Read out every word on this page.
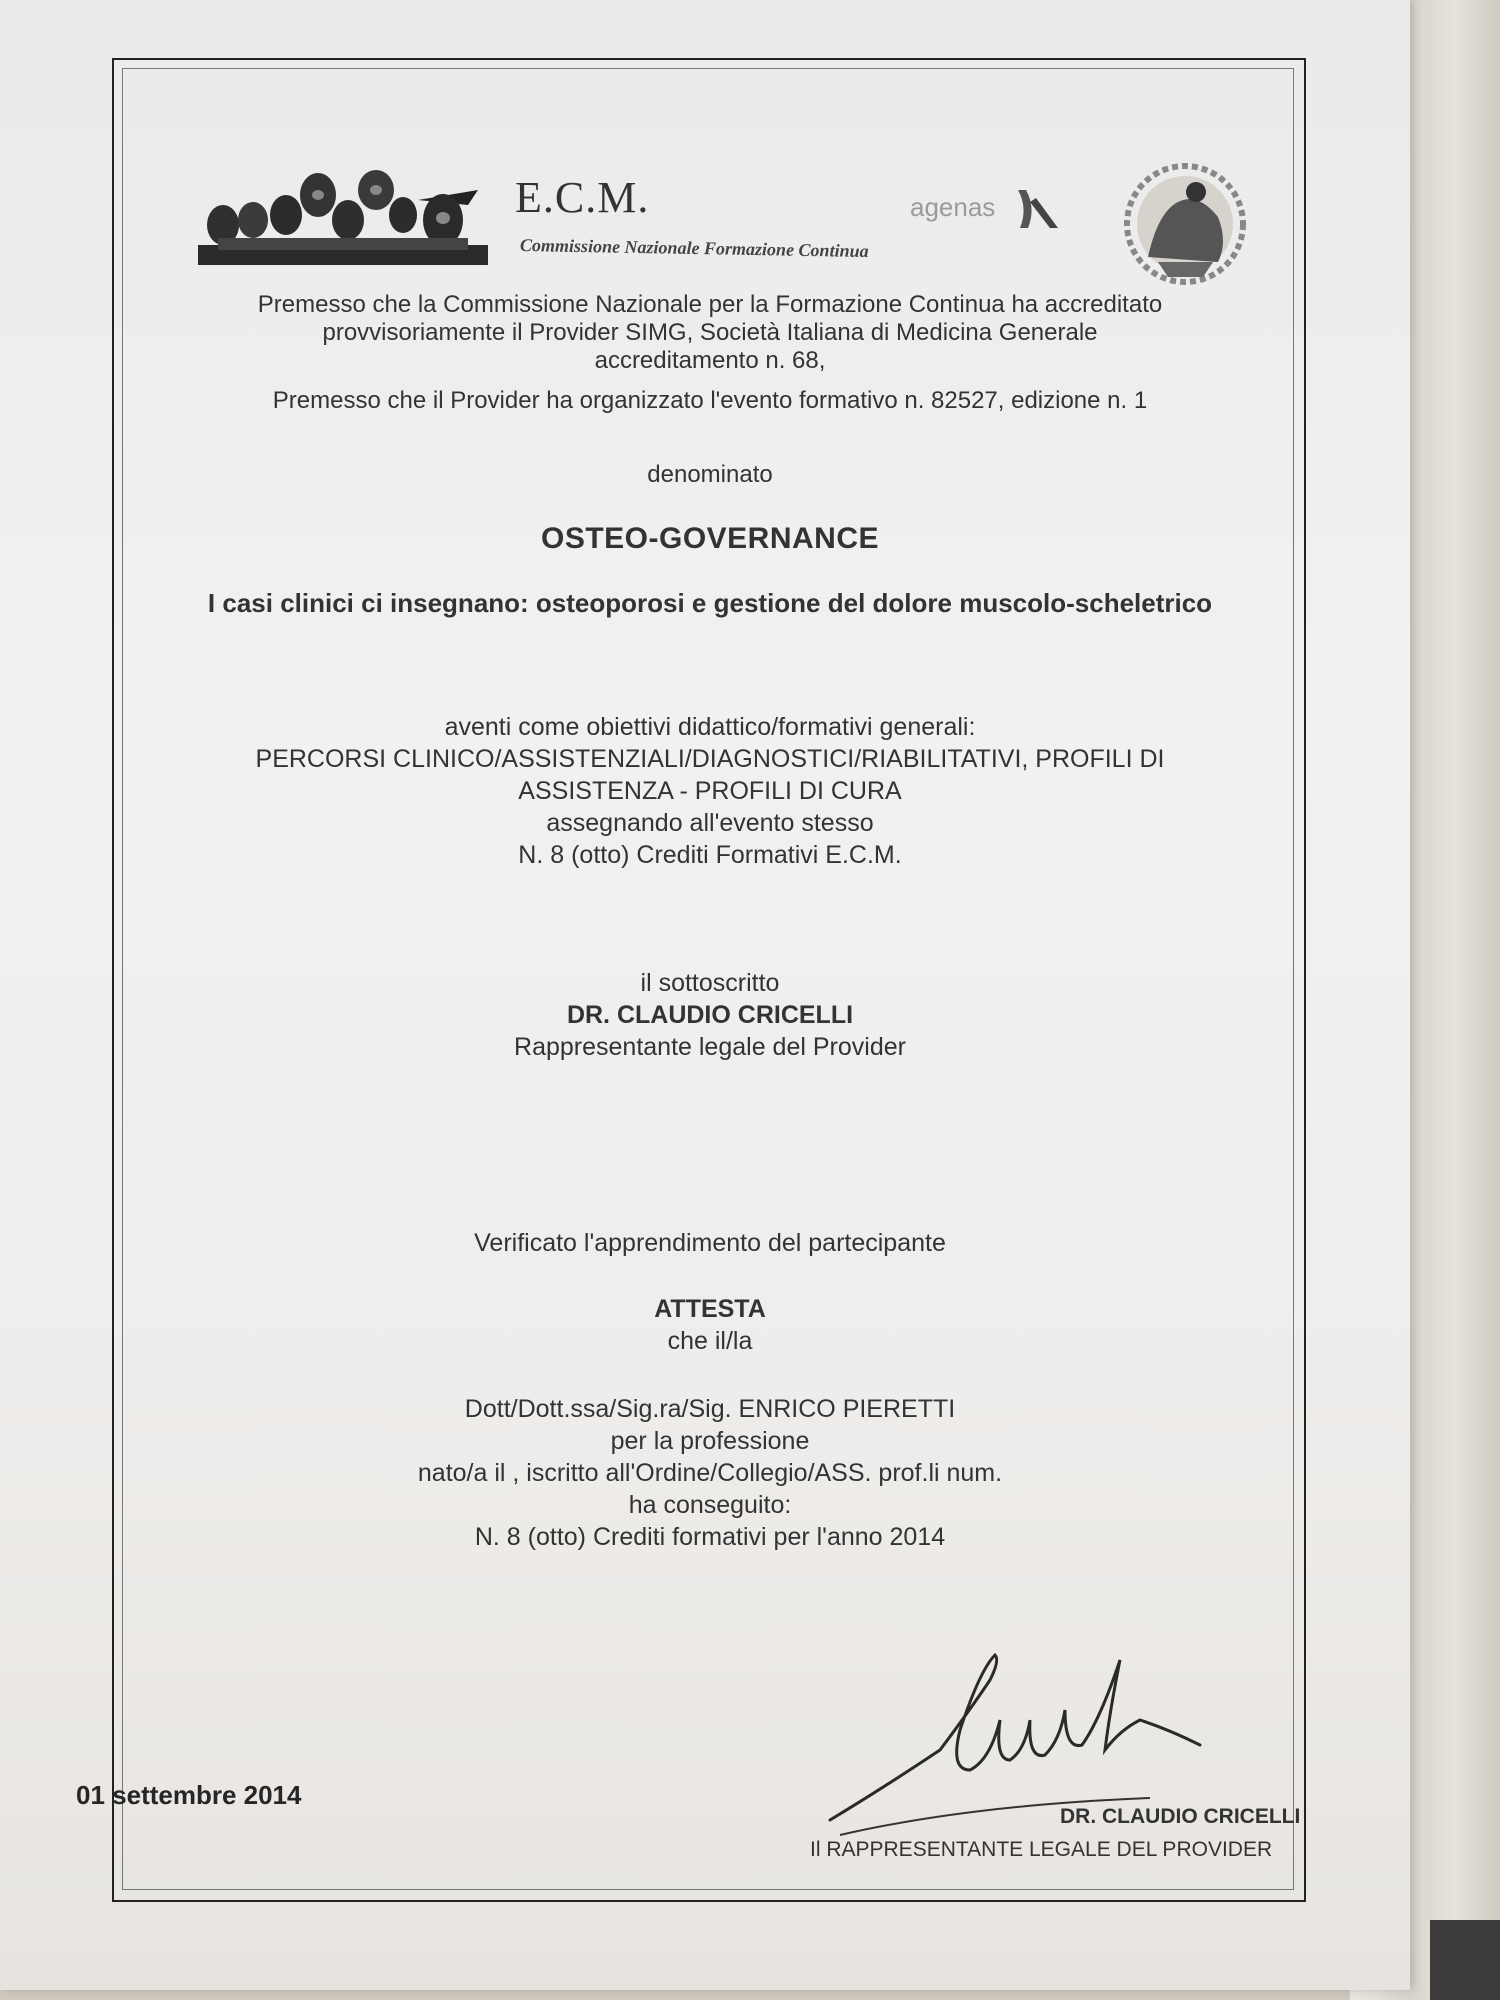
E.C.M.
Commissione Nazionale Formazione Continua
agenas

Premesso che la Commissione Nazionale per la Formazione Continua ha accreditato

provvisoriamente il Provider SIMG, Società Italiana di Medicina Generale

accreditamento n. 68,

Premesso che il Provider ha organizzato l'evento formativo n. 82527, edizione n. 1

denominato

OSTEO-GOVERNANCE

I casi clinici ci insegnano: osteoporosi e gestione del dolore muscolo-scheletrico

aventi come obiettivi didattico/formativi generali:

PERCORSI CLINICO/ASSISTENZIALI/DIAGNOSTICI/RIABILITATIVI, PROFILI DI

ASSISTENZA - PROFILI DI CURA

assegnando all'evento stesso

N. 8 (otto) Crediti Formativi E.C.M.

il sottoscritto

DR. CLAUDIO CRICELLI

Rappresentante legale del Provider

Verificato l'apprendimento del partecipante

ATTESTA

che il/la

Dott/Dott.ssa/Sig.ra/Sig. ENRICO PIERETTI

per la professione

nato/a il , iscritto all'Ordine/Collegio/ASS. prof.li num.

ha conseguito:

N. 8 (otto) Crediti formativi per l'anno 2014

01 settembre 2014

DR. CLAUDIO CRICELLI

Il RAPPRESENTANTE LEGALE DEL PROVIDER
